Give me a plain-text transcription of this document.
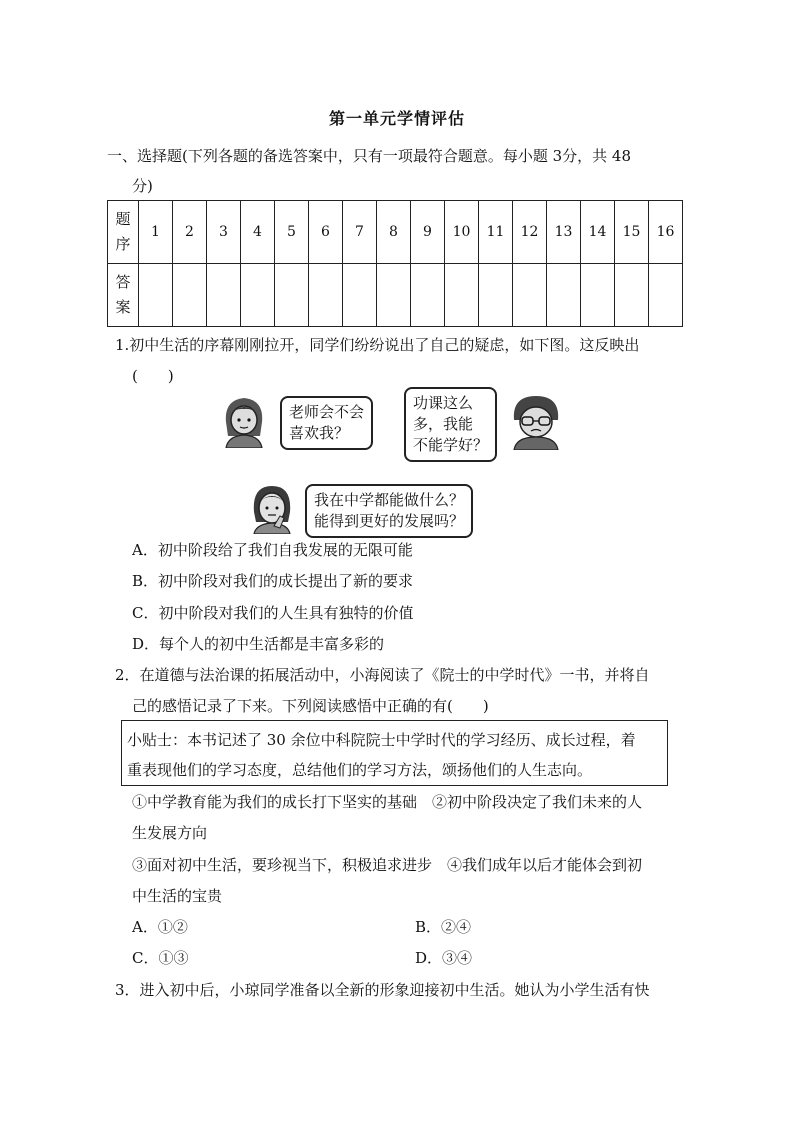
第一单元学情评估
一、选择题(下列各题的备选答案中，只有一项最符合题意。每小题 3分，共 48
分)
题
序	1	2	3	4	5	6	7	8	9	10	11	12	13	14	15	16

答
案																

1.初中生活的序幕刚刚拉开，同学们纷纷说出了自己的疑虑，如下图。这反映出
(　　)
老师会不会
喜欢我？
功课这么
多，我能
不能学好？
我在中学都能做什么？
能得到更好的发展吗？
A．初中阶段给了我们自我发展的无限可能
B．初中阶段对我们的成长提出了新的要求
C．初中阶段对我们的人生具有独特的价值
D．每个人的初中生活都是丰富多彩的
2．在道德与法治课的拓展活动中，小海阅读了《院士的中学时代》一书，并将自
己的感悟记录了下来。下列阅读感悟中正确的有(　　)
小贴士：本书记述了 30 余位中科院院士中学时代的学习经历、成长过程，着
重表现他们的学习态度，总结他们的学习方法，颂扬他们的人生志向。
①中学教育能为我们的成长打下坚实的基础　②初中阶段决定了我们未来的人
生发展方向
③面对初中生活，要珍视当下，积极追求进步　④我们成年以后才能体会到初
中生活的宝贵
A．①②	B．②④
C．①③	D．③④
3．进入初中后，小琼同学准备以全新的形象迎接初中生活。她认为小学生活有快
